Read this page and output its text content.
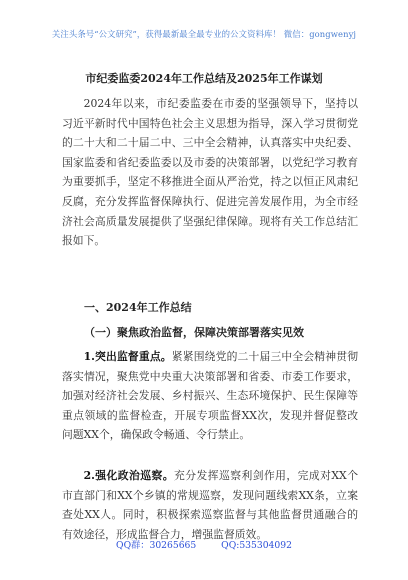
关注头条号“公文研究”，获得最新最全最专业的公文资料库！ 微信：gongwenyj
市纪委监委2024年工作总结及2025年工作谋划

2024年以来，市纪委监委在市委的坚强领导下，坚持以习近平新时代中国特色社会主义思想为指导，深入学习贯彻党的二十大和二十届二中、三中全会精神，认真落实中央纪委、国家监委和省纪委监委以及市委的决策部署，以党纪学习教育为重要抓手，坚定不移推进全面从严治党，持之以恒正风肃纪反腐，充分发挥监督保障执行、促进完善发展作用，为全市经济社会高质量发展提供了坚强纪律保障。现将有关工作总结汇报如下。

一、2024年工作总结
（一）聚焦政治监督，保障决策部署落实见效

1.突出监督重点。紧紧围绕党的二十届三中全会精神贯彻落实情况，聚焦党中央重大决策部署和省委、市委工作要求，加强对经济社会发展、乡村振兴、生态环境保护、民生保障等重点领域的监督检查，开展专项监督XX次，发现并督促整改问题XX个，确保政令畅通、令行禁止。

2.强化政治巡察。充分发挥巡察利剑作用，完成对XX个市直部门和XX个乡镇的常规巡察，发现问题线索XX条，立案查处XX人。同时，积极探索巡察监督与其他监督贯通融合的有效途径，形成监督合力，增强监督质效。

QQ群：30265665	QQ:535304092
